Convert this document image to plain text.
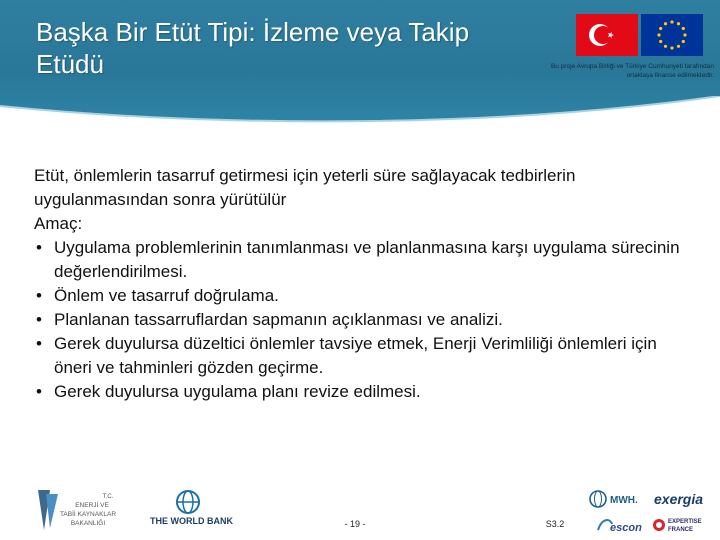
Başka Bir Etüt Tipi: İzleme veya Takip Etüdü	Bu proje Avrupa Birliği ve Türkiye Cumhuriyeti tarafından ortaklaşa finanse edilmektedir.

Etüt, önlemlerin tasarruf getirmesi için yeterli süre sağlayacak tedbirlerin uygulanmasından sonra yürütülür

Amaç:

• Uygulama problemlerinin tanımlanması ve planlanmasına karşı uygulama sürecinin değerlendirilmesi.
• Önlem ve tasarruf doğrulama.
• Planlanan tassarruflardan sapmanın açıklanması ve analizi.
• Gerek duyulursa düzeltici önlemler tavsiye etmek, Enerji Verimliliği önlemleri için öneri ve tahminleri gözden geçirme.
• Gerek duyulursa uygulama planı revize edilmesi.
T.C.
ENERJİ VE
TABİİ KAYNAKLAR
BAKANLIĞI	THE WORLD BANK	- 19 -	S3.2
MWH. exergia
escon	EXPERTISE
FRANCE
